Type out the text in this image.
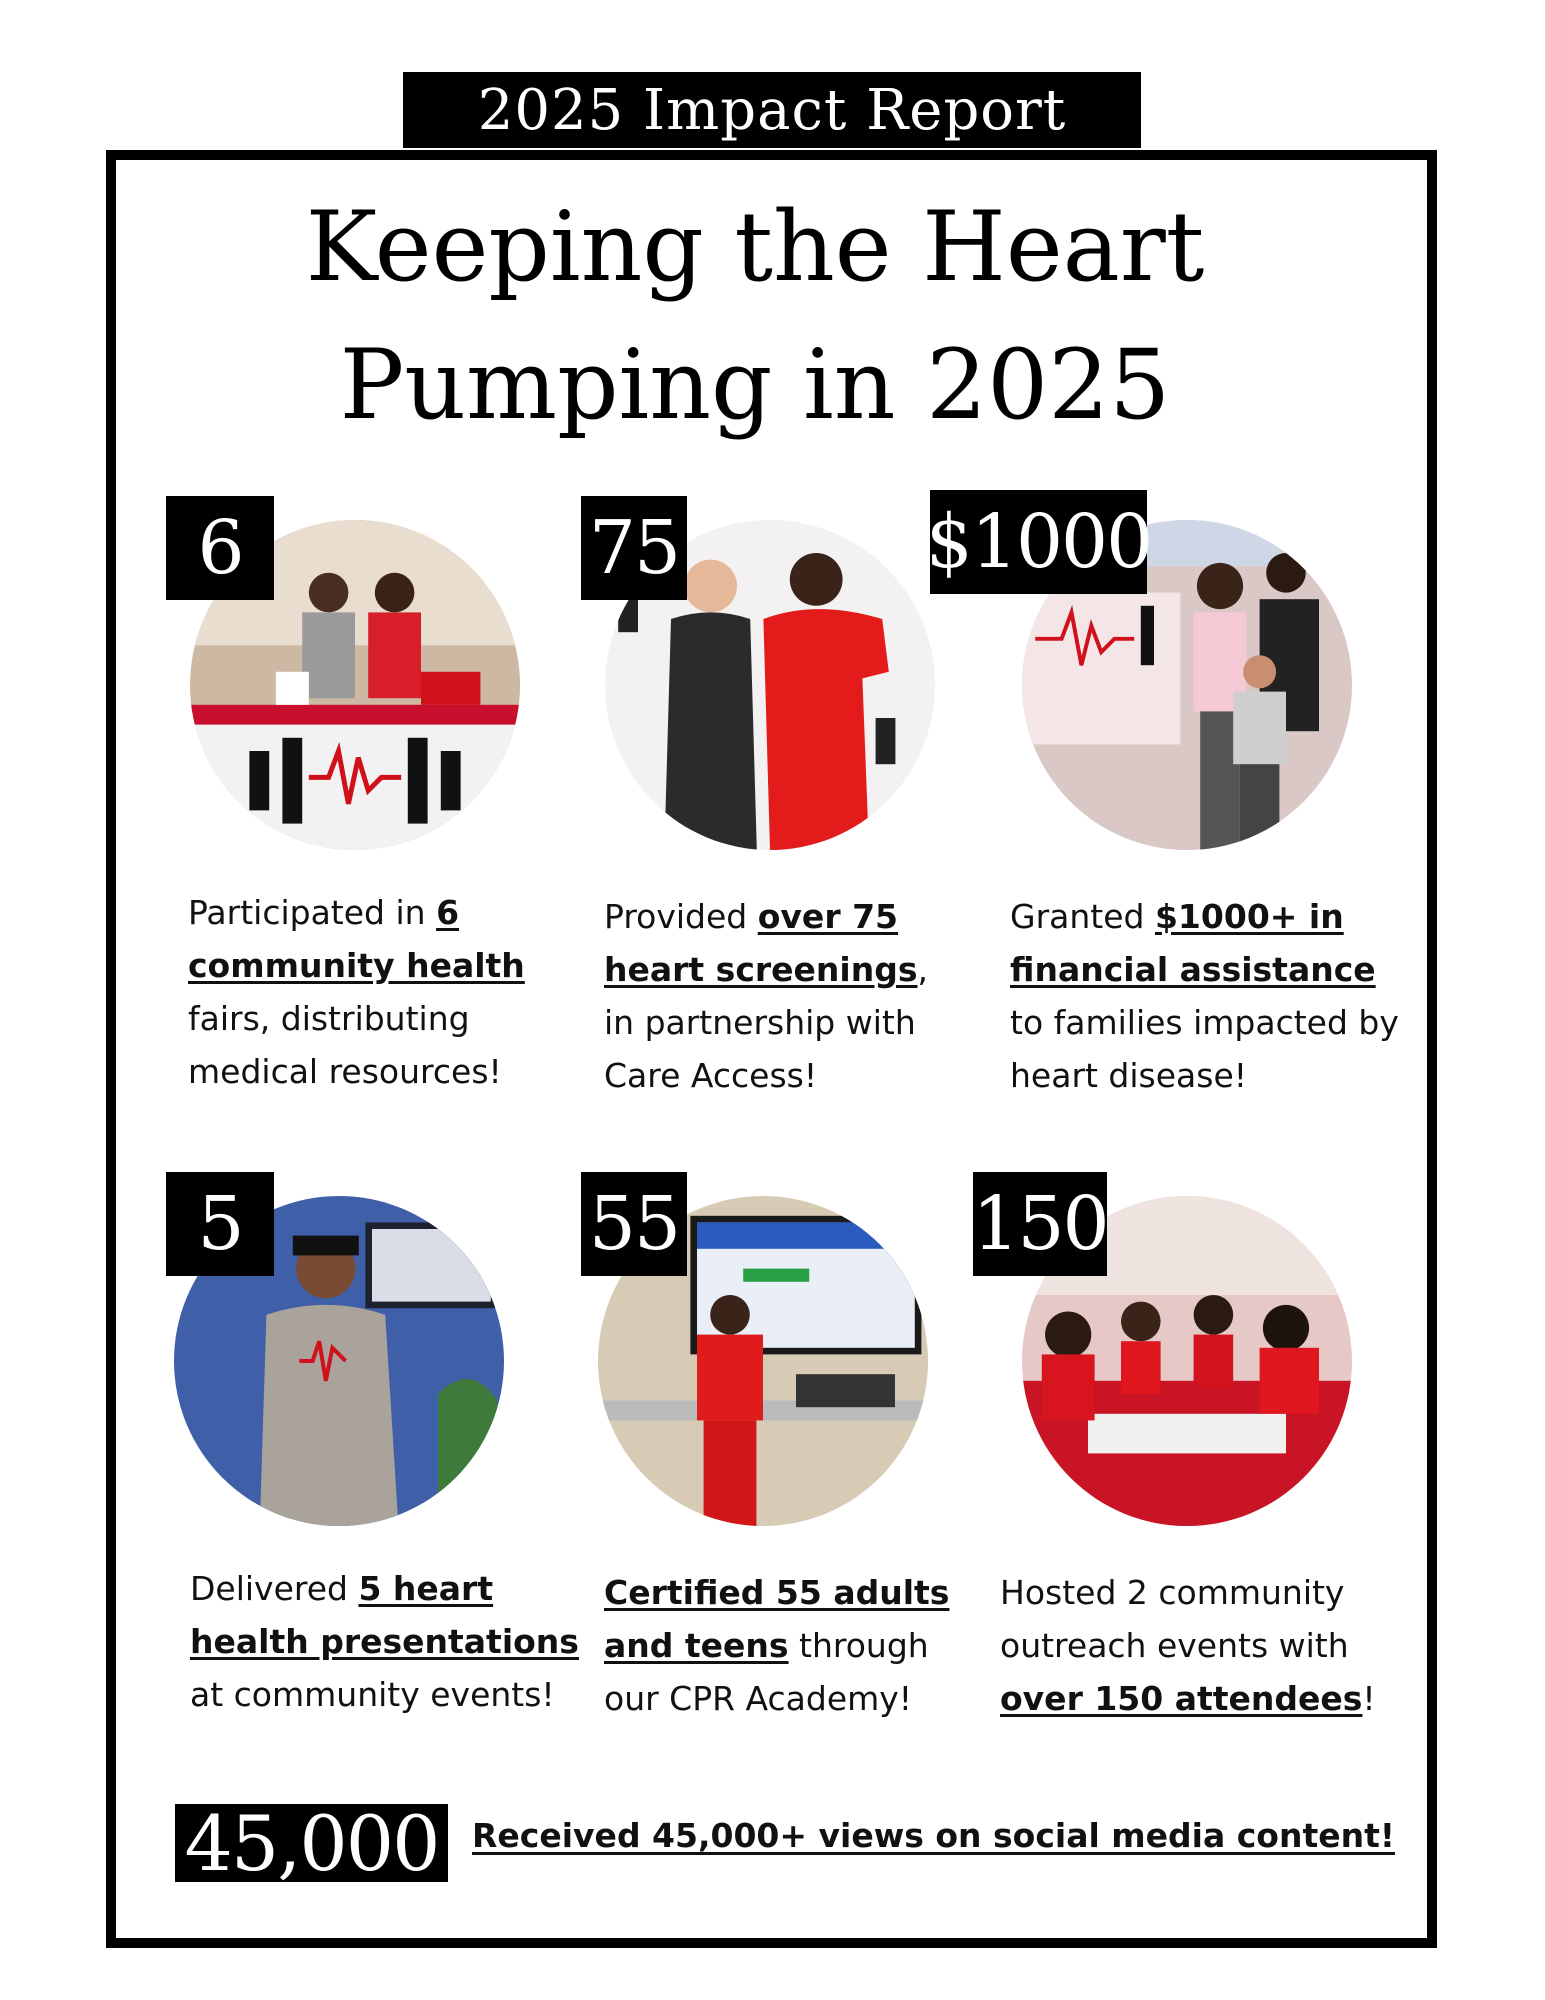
2025 Impact Report
Keeping the Heart
Pumping in 2025
6
Participated in 6 community health fairs, distributing medical resources!
75
Provided over 75 heart screenings, in partnership with Care Access!
$1000
Granted $1000+ in financial assistance to families impacted by heart disease!
5
Delivered 5 heart health presentations at community events!
55
Certified 55 adults and teens through our CPR Academy!
150
Hosted 2 community outreach events with over 150 attendees!
45,000 Received 45,000+ views on social media content!
